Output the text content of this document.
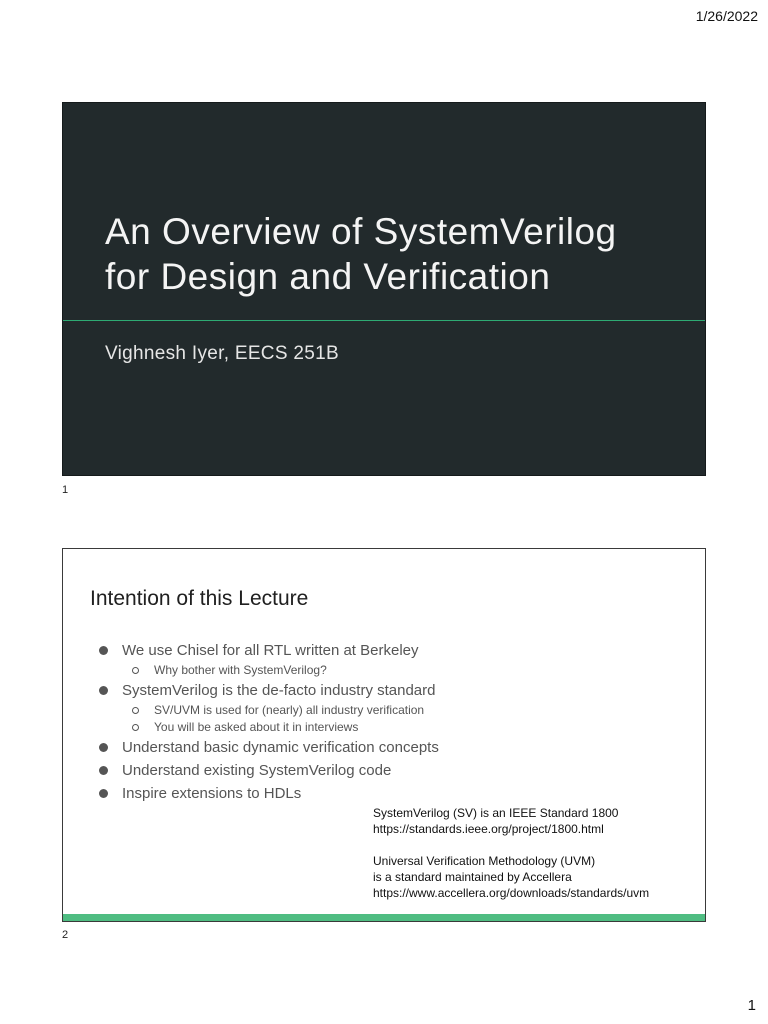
1/26/2022
An Overview of SystemVerilog
for Design and Verification
Vighnesh Iyer, EECS 251B
1
Intention of this Lecture
We use Chisel for all RTL written at Berkeley
Why bother with SystemVerilog?
SystemVerilog is the de-facto industry standard
SV/UVM is used for (nearly) all industry verification
You will be asked about it in interviews
Understand basic dynamic verification concepts
Understand existing SystemVerilog code
Inspire extensions to HDLs
SystemVerilog (SV) is an IEEE Standard 1800
https://standards.ieee.org/project/1800.html
Universal Verification Methodology (UVM)
is a standard maintained by Accellera
https://www.accellera.org/downloads/standards/uvm
2
1
